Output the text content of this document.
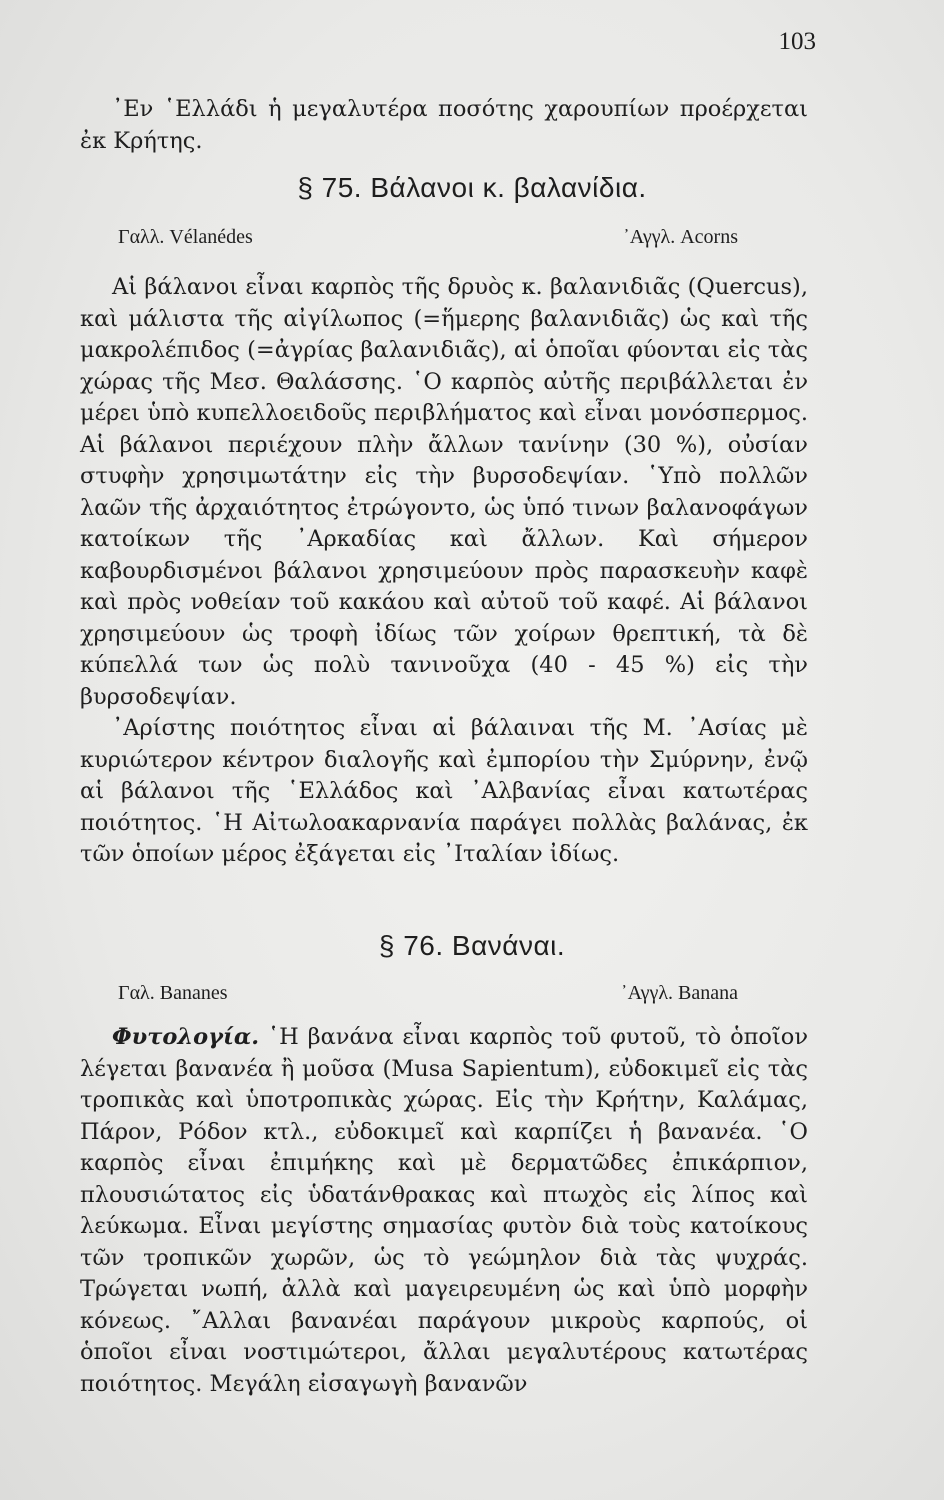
103

᾿Εν ῾Ελλάδι ἡ μεγαλυτέρα ποσότης χαρουπίων προέρχεται ἐκ Κρήτης.

§ 75. Βάλανοι κ. βαλανίδια.
Γαλλ. Vélanédes	᾿Αγγλ. Acorns

Αἱ βάλανοι εἶναι καρπὸς τῆς δρυὸς κ. βαλανιδιᾶς (Quercus), καὶ μάλιστα τῆς αἰγίλωπος (=ἥμερης βαλανιδιᾶς) ὡς καὶ τῆς μακρολέπιδος (=ἀγρίας βαλανιδιᾶς), αἱ ὁποῖαι φύονται εἰς τὰς χώρας τῆς Μεσ. Θαλάσσης. ῾Ο καρπὸς αὐτῆς περιβάλλεται ἐν μέρει ὑπὸ κυπελλοειδοῦς περιβλήματος καὶ εἶναι μονόσπερμος. Αἱ βάλανοι περιέχουν πλὴν ἄλλων τανίνην (30 %), οὐσίαν στυφὴν χρησιμωτάτην εἰς τὴν βυρσοδεψίαν. ῾Υπὸ πολλῶν λαῶν τῆς ἀρχαιότητος ἐτρώγοντο, ὡς ὑπό τινων βαλανοφάγων κατοίκων τῆς ᾿Αρκαδίας καὶ ἄλλων. Καὶ σήμερον καβουρδισμένοι βάλανοι χρησιμεύουν πρὸς παρασκευὴν καφὲ καὶ πρὸς νοθείαν τοῦ κακάου καὶ αὐτοῦ τοῦ καφέ. Αἱ βάλανοι χρησιμεύουν ὡς τροφὴ ἰδίως τῶν χοίρων θρεπτική, τὰ δὲ κύπελλά των ὡς πολὺ τανινοῦχα (40 - 45 %) εἰς τὴν βυρσοδεψίαν.

᾿Αρίστης ποιότητος εἶναι αἱ βάλαιναι τῆς Μ. ᾿Ασίας μὲ κυριώτερον κέντρον διαλογῆς καὶ ἐμπορίου τὴν Σμύρνην, ἐνῷ αἱ βάλανοι τῆς ῾Ελλάδος καὶ ᾿Αλβανίας εἶναι κατωτέρας ποιότητος. ῾Η Αἰτωλοακαρνανία παράγει πολλὰς βαλάνας, ἐκ τῶν ὁποίων μέρος ἐξάγεται εἰς ᾿Ιταλίαν ἰδίως.

§ 76. Βανάναι.
Γαλ. Bananes	᾿Αγγλ. Banana

Φυτολογία. ῾Η βανάνα εἶναι καρπὸς τοῦ φυτοῦ, τὸ ὁποῖον λέγεται βανανέα ἢ μοῦσα (Musa Sapientum), εὐδοκιμεῖ εἰς τὰς τροπικὰς καὶ ὑποτροπικὰς χώρας. Εἰς τὴν Κρήτην, Καλάμας, Πάρον, Ρόδον κτλ., εὐδοκιμεῖ καὶ καρπίζει ἡ βανανέα. ῾Ο καρπὸς εἶναι ἐπιμήκης καὶ μὲ δερματῶδες ἐπικάρπιον, πλουσιώτατος εἰς ὑδατάνθρακας καὶ πτωχὸς εἰς λίπος καὶ λεύκωμα. Εἶναι μεγίστης σημασίας φυτὸν διὰ τοὺς κατοίκους τῶν τροπικῶν χωρῶν, ὡς τὸ γεώμηλον διὰ τὰς ψυχράς. Τρώγεται νωπή, ἀλλὰ καὶ μαγειρευμένη ὡς καὶ ὑπὸ μορφὴν κόνεως. ῎Αλλαι βανανέαι παράγουν μικροὺς καρπούς, οἱ ὁποῖοι εἶναι νοστιμώτεροι, ἄλλαι μεγαλυτέρους κατωτέρας ποιότητος. Μεγάλη εἰσαγωγὴ βανανῶν
